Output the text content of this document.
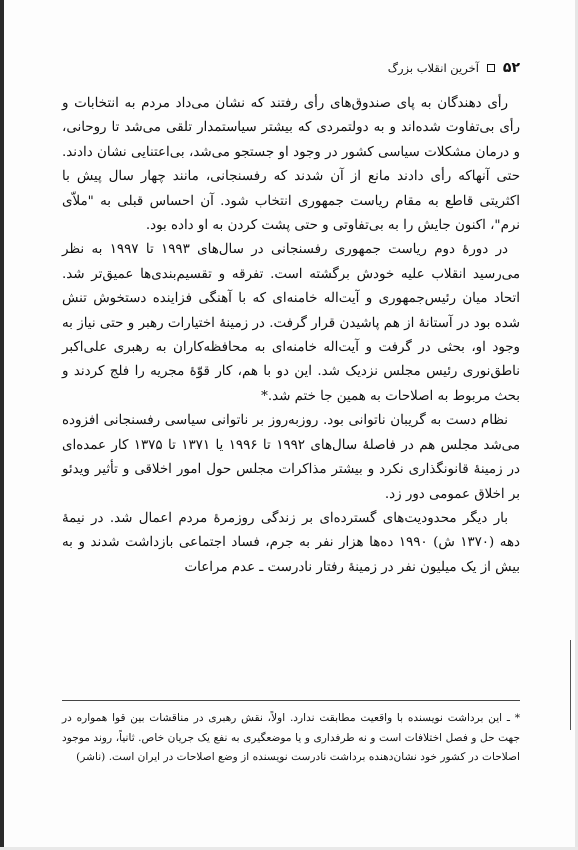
۵۲
آخرین انقلاب بزرگ

رأی دهندگان به پای صندوق‌های رأی رفتند که نشان می‌داد مردم به انتخابات و رأی بی‌تفاوت شده‌اند و به دولتمردی که بیشتر سیاستمدار تلقی می‌شد تا روحانی، و درمان مشکلات سیاسی کشور در وجود او جستجو می‌شد، بی‌اعتنایی نشان دادند. حتی آنهاکه رأی دادند مانع از آن شدند که رفسنجانی، مانند چهار سال پیش با اکثریتی قاطع به مقام ریاست جمهوری انتخاب شود. آن احساس قبلی به "ملاّی نرم"، اکنون جایش را به بی‌تفاوتی و حتی پشت کردن به او داده بود.

در دورهٔ دوم ریاست جمهوری رفسنجانی در سال‌های ۱۹۹۳ تا ۱۹۹۷ به نظر می‌رسید انقلاب علیه خودش برگشته است. تفرقه و تقسیم‌بندی‌ها عمیق‌تر شد. اتحاد میان رئیس‌جمهوری و آیت‌اله خامنه‌ای که با آهنگی فزاینده دستخوش تنش شده بود در آستانهٔ از هم پاشیدن قرار گرفت. در زمینهٔ اختیارات رهبر و حتی نیاز به وجود او، بحثی در گرفت و آیت‌اله خامنه‌ای به محافظه‌کاران به رهبری علی‌اکبر ناطق‌نوری رئیس مجلس نزدیک شد. این دو با هم، کار قوّهٔ مجریه را فلج کردند و بحث مربوط به اصلاحات به همین جا ختم شد.*

نظام دست به گریبان ناتوانی بود. روزبه‌روز بر ناتوانی سیاسی رفسنجانی افزوده می‌شد مجلس هم در فاصلهٔ سال‌های ۱۹۹۲ تا ۱۹۹۶ یا ۱۳۷۱ تا ۱۳۷۵ کار عمده‌ای در زمینهٔ قانونگذاری نکرد و بیشتر مذاکرات مجلس حول امور اخلاقی و تأثیر ویدئو بر اخلاق عمومی دور زد.

بار دیگر محدودیت‌های گسترده‌ای بر زندگی روزمرهٔ مردم اعمال شد. در نیمهٔ دهه (۱۳۷۰ ش) ۱۹۹۰ ده‌ها هزار نفر به جرم، فساد اجتماعی بازداشت شدند و به بیش از یک میلیون نفر در زمینهٔ رفتار نادرست ـ عدم مراعات

* ـ این برداشت نویسنده با واقعیت مطابقت ندارد. اولاً، نقش رهبری در مناقشات بین قوا همواره در جهت حل و فصل اختلافات است و نه طرفداری و یا موضعگیری به نفع یک جریان خاص. ثانیاً، روند موجود اصلاحات در کشور خود نشان‌دهنده برداشت نادرست نویسنده از وضع اصلاحات در ایران است. (ناشر)
